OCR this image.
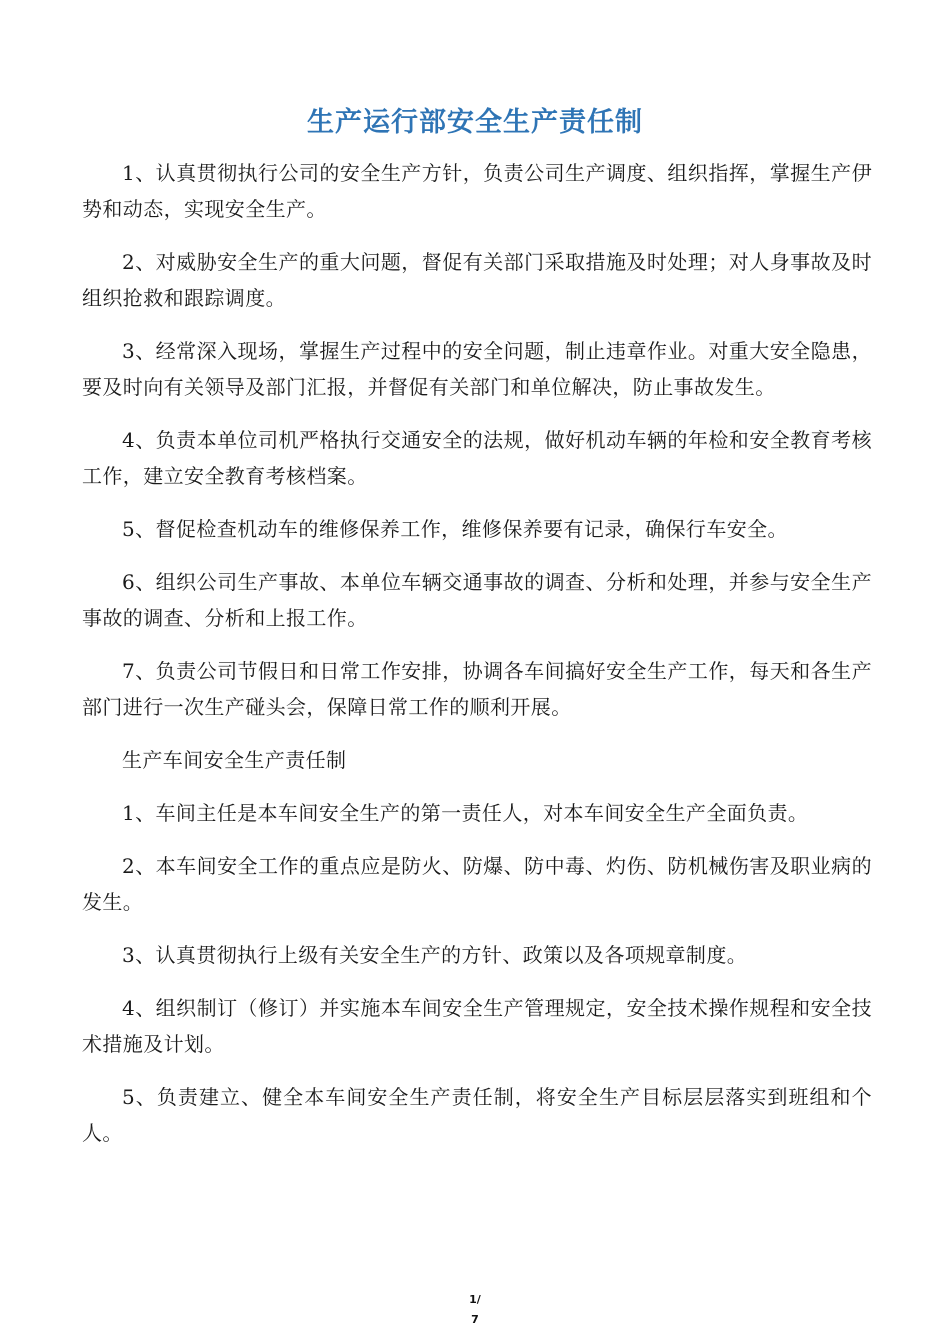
生产运行部安全生产责任制

1、认真贯彻执行公司的安全生产方针，负责公司生产调度、组织指挥，掌握生产伊势和动态，实现安全生产。

2、对威胁安全生产的重大问题，督促有关部门采取措施及时处理；对人身事故及时组织抢救和跟踪调度。

3、经常深入现场，掌握生产过程中的安全问题，制止违章作业。对重大安全隐患，要及时向有关领导及部门汇报，并督促有关部门和单位解决，防止事故发生。

4、负责本单位司机严格执行交通安全的法规，做好机动车辆的年检和安全教育考核工作，建立安全教育考核档案。

5、督促检查机动车的维修保养工作，维修保养要有记录，确保行车安全。

6、组织公司生产事故、本单位车辆交通事故的调查、分析和处理，并参与安全生产事故的调查、分析和上报工作。

7、负责公司节假日和日常工作安排，协调各车间搞好安全生产工作，每天和各生产部门进行一次生产碰头会，保障日常工作的顺利开展。

生产车间安全生产责任制

1、车间主任是本车间安全生产的第一责任人，对本车间安全生产全面负责。

2、本车间安全工作的重点应是防火、防爆、防中毒、灼伤、防机械伤害及职业病的发生。

3、认真贯彻执行上级有关安全生产的方针、政策以及各项规章制度。

4、组织制订（修订）并实施本车间安全生产管理规定，安全技术操作规程和安全技术措施及计划。

5、负责建立、健全本车间安全生产责任制，将安全生产目标层层落实到班组和个人。

1/
7
